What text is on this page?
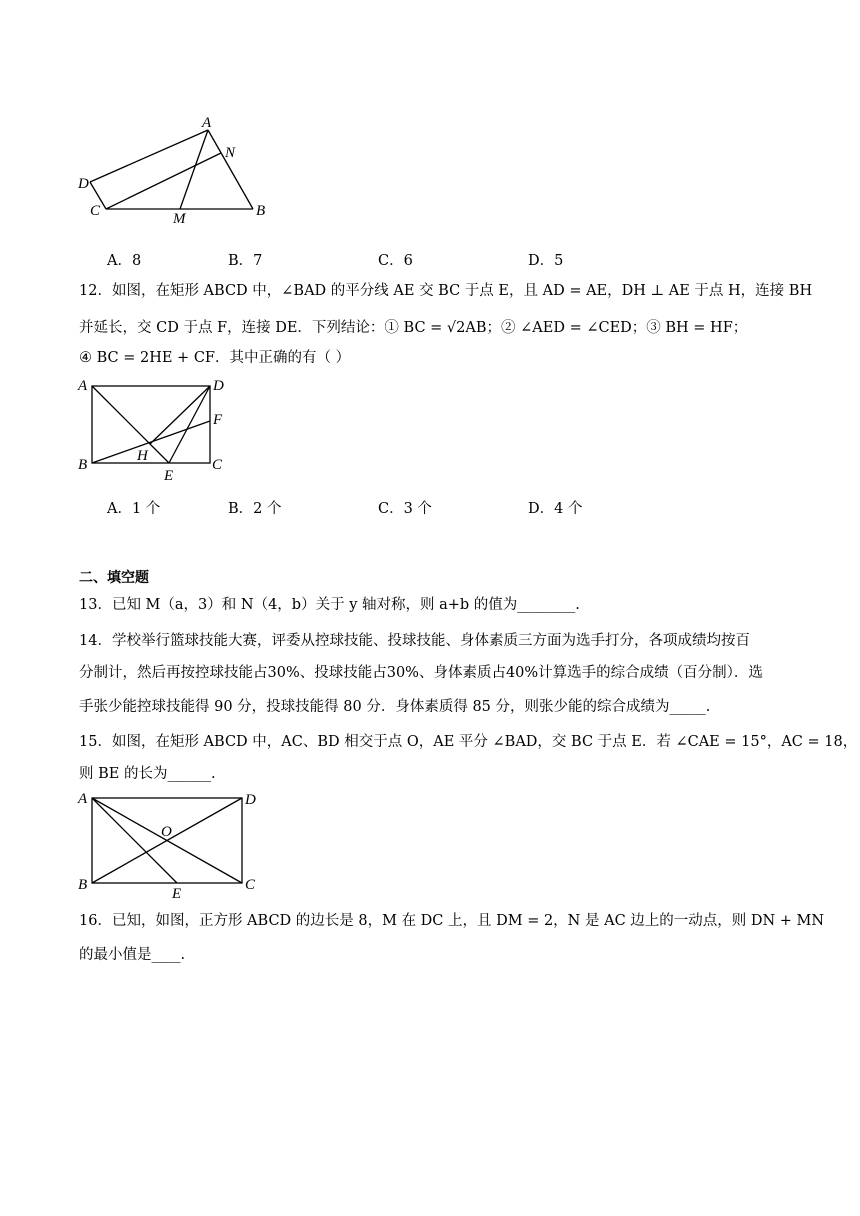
A
N
D
C	M	B
A．8	B．7	C．6	D．5
12．如图，在矩形 ABCD 中，∠BAD 的平分线 AE 交 BC 于点 E，且 AD = AE，DH ⊥ AE 于点 H，连接 BH
并延长，交 CD 于点 F，连接 DE．下列结论：① BC = √2AB；② ∠AED = ∠CED；③ BH = HF；
④ BC = 2HE + CF．其中正确的有（ ）
A	D
F
H
B
E
C
A．1 个	B．2 个	C．3 个	D．4 个
二、填空题
13．已知 M（a，3）和 N（4，b）关于 y 轴对称，则 a+b 的值为________.
14．学校举行篮球技能大赛，评委从控球技能、投球技能、身体素质三方面为选手打分，各项成绩均按百
分制计，然后再按控球技能占30%、投球技能占30%、身体素质占40%计算选手的综合成绩（百分制）．选
手张少能控球技能得 90 分，投球技能得 80 分．身体素质得 85 分，则张少能的综合成绩为_____.
15．如图，在矩形 ABCD 中，AC、BD 相交于点 O，AE 平分 ∠BAD，交 BC 于点 E．若 ∠CAE = 15°，AC = 18，
则 BE 的长为______.
A	D
O
B
E
C
16．已知，如图，正方形 ABCD 的边长是 8，M 在 DC 上，且 DM = 2，N 是 AC 边上的一动点，则 DN + MN
的最小值是____.
